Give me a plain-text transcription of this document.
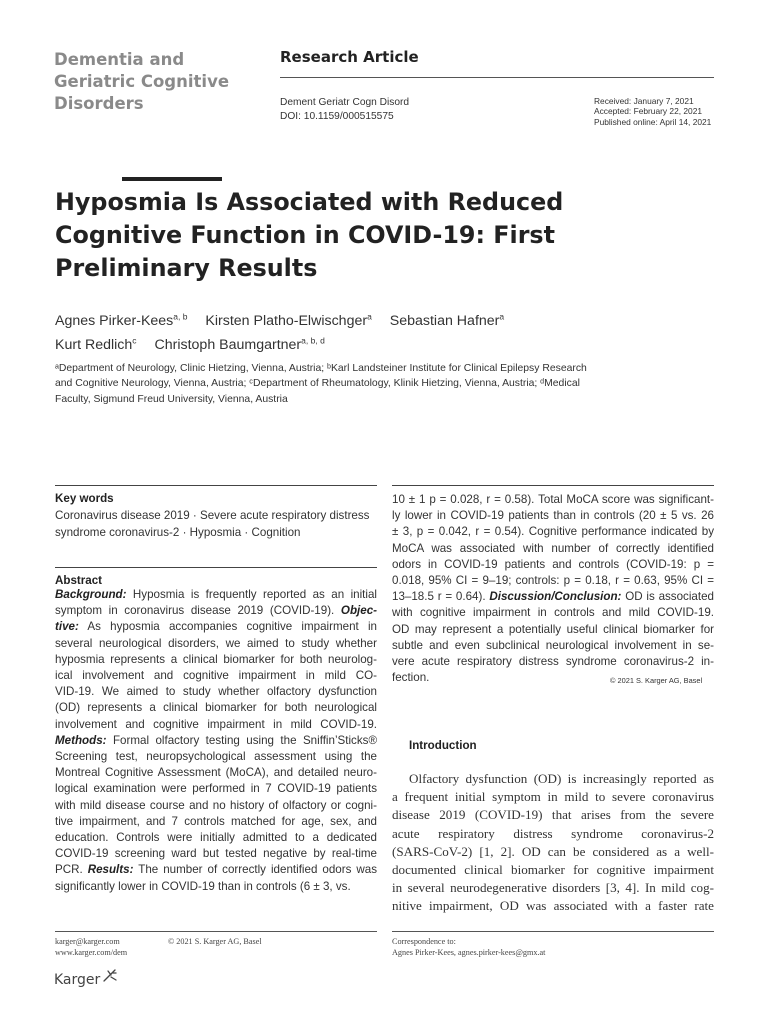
Dementia and
Geriatric Cognitive
Disorders
Research Article
Dement Geriatr Cogn Disord
DOI: 10.1159/000515575
Received: January 7, 2021
Accepted: February 22, 2021
Published online: April 14, 2021
Hyposmia Is Associated with Reduced
Cognitive Function in COVID-19: First
Preliminary Results
Agnes Pirker-Kees$^{a, b}$ Kirsten Platho-Elwischger$^a$ Sebastian Hafner$^a$
Kurt Redlich$^c$ Christoph Baumgartner$^{a, b, d}$
ᵃDepartment of Neurology, Clinic Hietzing, Vienna, Austria; ᵇKarl Landsteiner Institute for Clinical Epilepsy Research
and Cognitive Neurology, Vienna, Austria; ᶜDepartment of Rheumatology, Klinik Hietzing, Vienna, Austria; ᵈMedical
Faculty, Sigmund Freud University, Vienna, Austria
Key words
Coronavirus disease 2019 · Severe acute respiratory distress
syndrome coronavirus-2 · Hyposmia · Cognition
Abstract
Background: Hyposmia is frequently reported as an initial
symptom in coronavirus disease 2019 (COVID-19). Objec-
tive: As hyposmia accompanies cognitive impairment in
several neurological disorders, we aimed to study whether
hyposmia represents a clinical biomarker for both neurolog-
ical involvement and cognitive impairment in mild CO-
VID-19. We aimed to study whether olfactory dysfunction
(OD) represents a clinical biomarker for both neurological
involvement and cognitive impairment in mild COVID-19.
Methods: Formal olfactory testing using the Sniffin’Sticks®
Screening test, neuropsychological assessment using the
Montreal Cognitive Assessment (MoCA), and detailed neuro-
logical examination were performed in 7 COVID-19 patients
with mild disease course and no history of olfactory or cogni-
tive impairment, and 7 controls matched for age, sex, and
education. Controls were initially admitted to a dedicated
COVID-19 screening ward but tested negative by real-time
PCR. Results: The number of correctly identified odors was
significantly lower in COVID-19 than in controls (6 ± 3, vs.
10 ± 1 p = 0.028, r = 0.58). Total MoCA score was significant-
ly lower in COVID-19 patients than in controls (20 ± 5 vs. 26
± 3, p = 0.042, r = 0.54). Cognitive performance indicated by
MoCA was associated with number of correctly identified
odors in COVID-19 patients and controls (COVID-19: p =
0.018, 95% CI = 9–19; controls: p = 0.18, r = 0.63, 95% CI =
13–18.5 r = 0.64). Discussion/Conclusion: OD is associated
with cognitive impairment in controls and mild COVID-19.
OD may represent a potentially useful clinical biomarker for
subtle and even subclinical neurological involvement in se-
vere acute respiratory distress syndrome coronavirus-2 in-
fection.	© 2021 S. Karger AG, Basel
Introduction
Olfactory dysfunction (OD) is increasingly reported as
a frequent initial symptom in mild to severe coronavirus
disease 2019 (COVID-19) that arises from the severe
acute respiratory distress syndrome coronavirus-2
(SARS-CoV-2) [1, 2]. OD can be considered as a well-
documented clinical biomarker for cognitive impairment
in several neurodegenerative disorders [3, 4]. In mild cog-
nitive impairment, OD was associated with a faster rate
karger@karger.com
www.karger.com/dem
© 2021 S. Karger AG, Basel	Correspondence to:
Agnes Pirker-Kees, agnes.pirker-kees@gmx.at
Karger
